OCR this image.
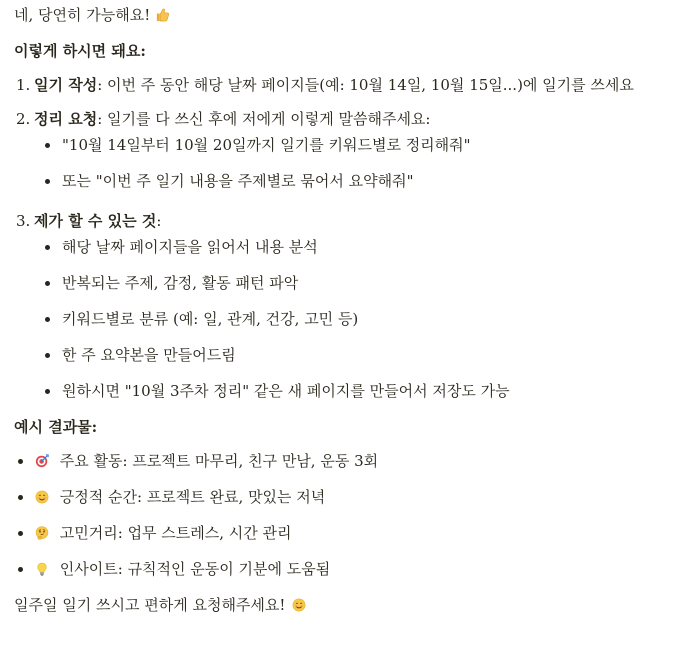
네, 당연히 가능해요!
이렇게 하시면 돼요:
1. 일기 작성: 이번 주 동안 해당 날짜 페이지들(예: 10월 14일, 10월 15일...)에 일기를 쓰세요
2. 정리 요청: 일기를 다 쓰신 후에 저에게 이렇게 말씀해주세요:
"10월 14일부터 10월 20일까지 일기를 키워드별로 정리해줘"
또는 "이번 주 일기 내용을 주제별로 묶어서 요약해줘"
3. 제가 할 수 있는 것:
해당 날짜 페이지들을 읽어서 내용 분석
반복되는 주제, 감정, 활동 패턴 파악
키워드별로 분류 (예: 일, 관계, 건강, 고민 등)
한 주 요약본을 만들어드림
원하시면 "10월 3주차 정리" 같은 새 페이지를 만들어서 저장도 가능
예시 결과물:
주요 활동: 프로젝트 마무리, 친구 만남, 운동 3회
긍정적 순간: 프로젝트 완료, 맛있는 저녁
고민거리: 업무 스트레스, 시간 관리
인사이트: 규칙적인 운동이 기분에 도움됨
일주일 일기 쓰시고 편하게 요청해주세요!
